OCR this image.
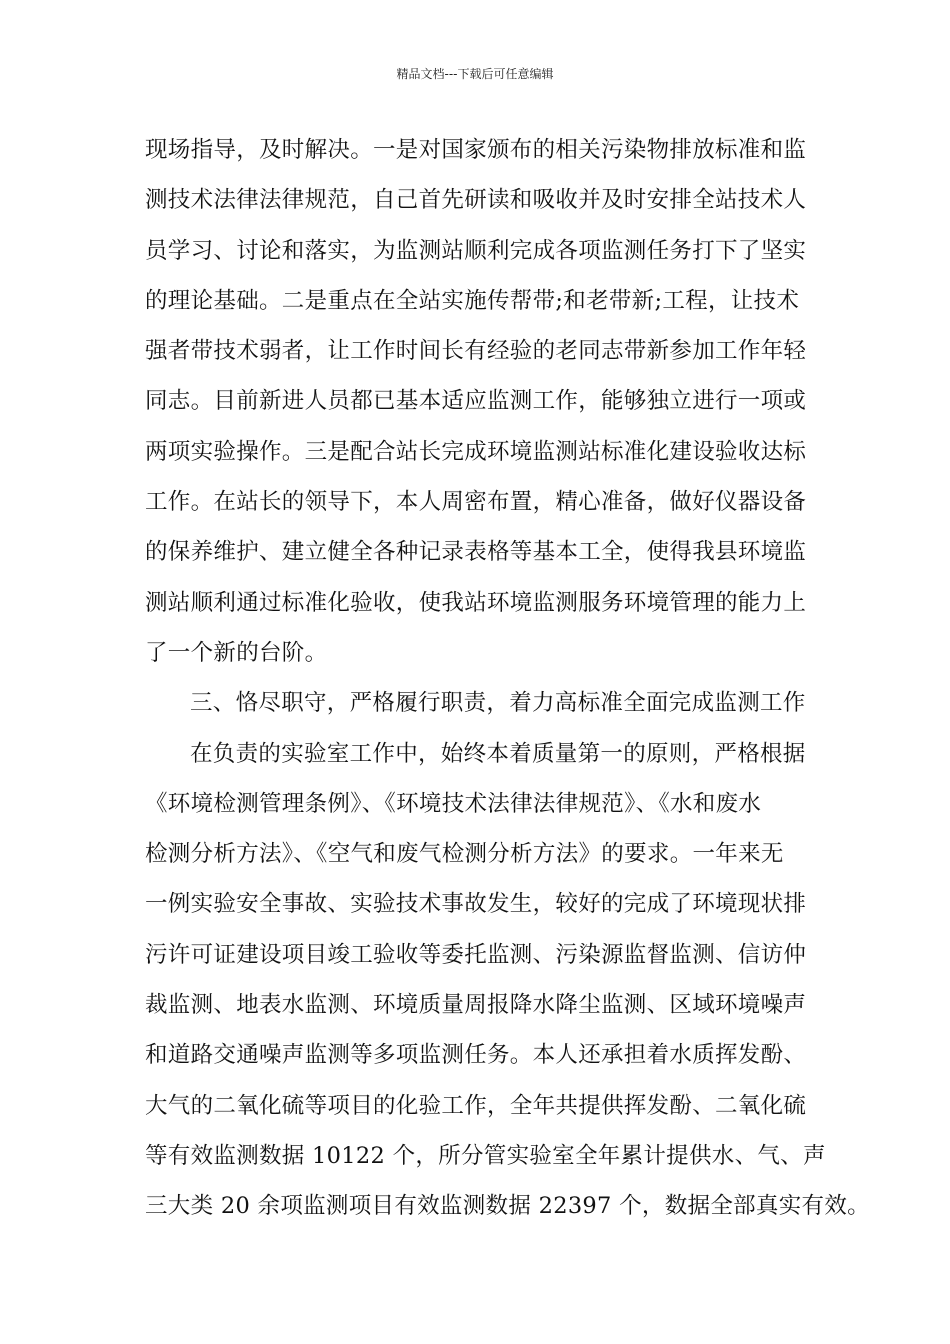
精品文档---下载后可任意编辑
现场指导，及时解决。一是对国家颁布的相关污染物排放标准和监
测技术法律法律规范，自己首先研读和吸收并及时安排全站技术人
员学习、讨论和落实，为监测站顺利完成各项监测任务打下了坚实
的理论基础。二是重点在全站实施传帮带;和老带新;工程，让技术
强者带技术弱者，让工作时间长有经验的老同志带新参加工作年轻
同志。目前新进人员都已基本适应监测工作，能够独立进行一项或
两项实验操作。三是配合站长完成环境监测站标准化建设验收达标
工作。在站长的领导下，本人周密布置，精心准备，做好仪器设备
的保养维护、建立健全各种记录表格等基本工全，使得我县环境监
测站顺利通过标准化验收，使我站环境监测服务环境管理的能力上
了一个新的台阶。
三、恪尽职守，严格履行职责，着力高标准全面完成监测工作
在负责的实验室工作中，始终本着质量第一的原则，严格根据
《环境检测管理条例》、《环境技术法律法律规范》、《水和废水
检测分析方法》、《空气和废气检测分析方法》的要求。一年来无
一例实验安全事故、实验技术事故发生，较好的完成了环境现状排
污许可证建设项目竣工验收等委托监测、污染源监督监测、信访仲
裁监测、地表水监测、环境质量周报降水降尘监测、区域环境噪声
和道路交通噪声监测等多项监测任务。本人还承担着水质挥发酚、
大气的二氧化硫等项目的化验工作，全年共提供挥发酚、二氧化硫
等有效监测数据 10122 个，所分管实验室全年累计提供水、气、声
三大类 20 余项监测项目有效监测数据 22397 个，数据全部真实有效。
